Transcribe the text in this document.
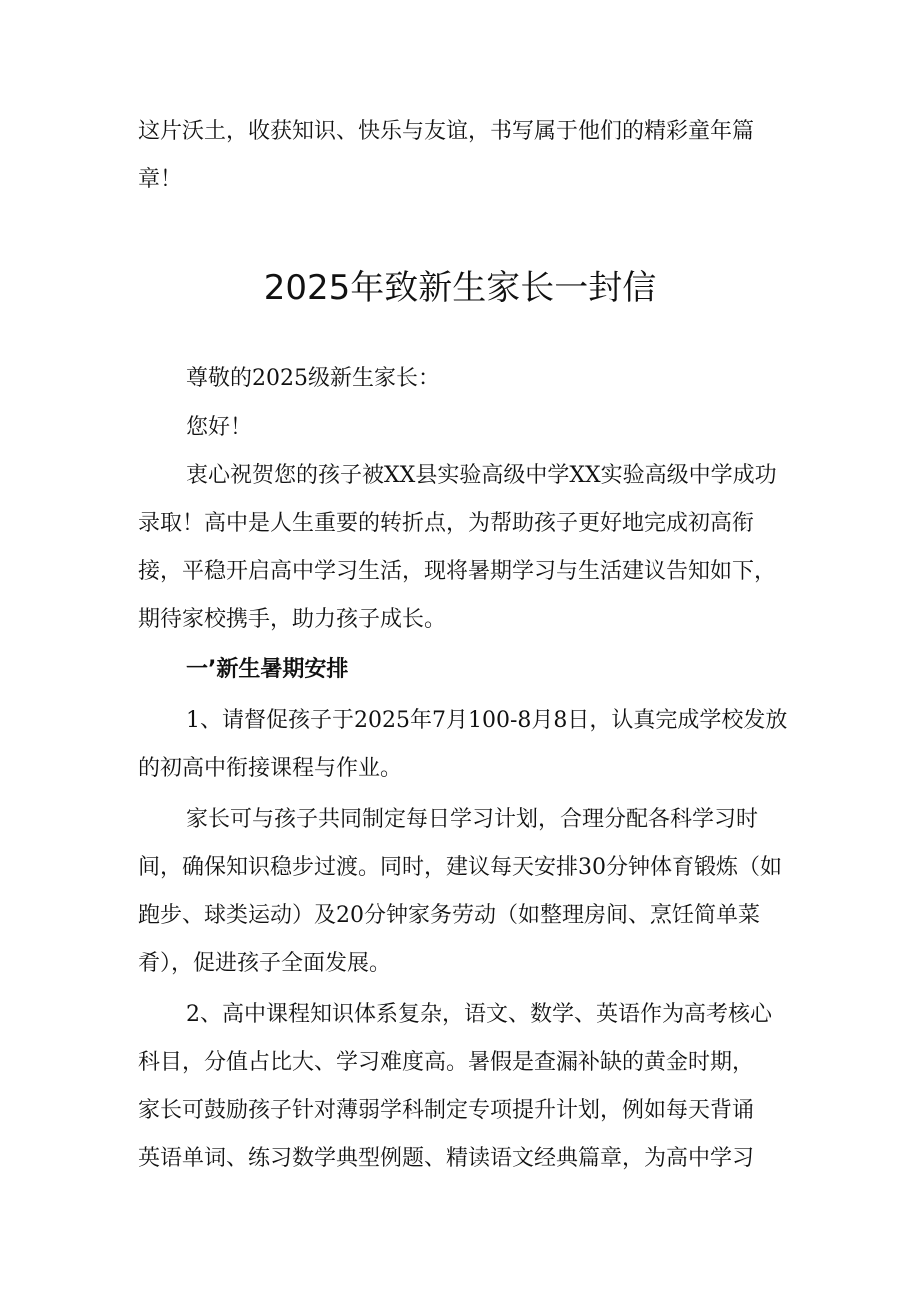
这片沃土，收获知识、快乐与友谊，书写属于他们的精彩童年篇
章！
2025年致新生家长一封信
尊敬的2025级新生家长：
您好！
衷心祝贺您的孩子被XX县实验高级中学XX实验高级中学成功
录取！高中是人生重要的转折点，为帮助孩子更好地完成初高衔
接，平稳开启高中学习生活，现将暑期学习与生活建议告知如下，
期待家校携手，助力孩子成长。
一’新生暑期安排
1、请督促孩子于2025年7月100-8月8日，认真完成学校发放
的初高中衔接课程与作业。
家长可与孩子共同制定每日学习计划，合理分配各科学习时
间，确保知识稳步过渡。同时，建议每天安排30分钟体育锻炼（如
跑步、球类运动）及20分钟家务劳动（如整理房间、烹饪简单菜
肴），促进孩子全面发展。
2、高中课程知识体系复杂，语文、数学、英语作为高考核心
科目，分值占比大、学习难度高。暑假是查漏补缺的黄金时期，
家长可鼓励孩子针对薄弱学科制定专项提升计划，例如每天背诵
英语单词、练习数学典型例题、精读语文经典篇章，为高中学习
